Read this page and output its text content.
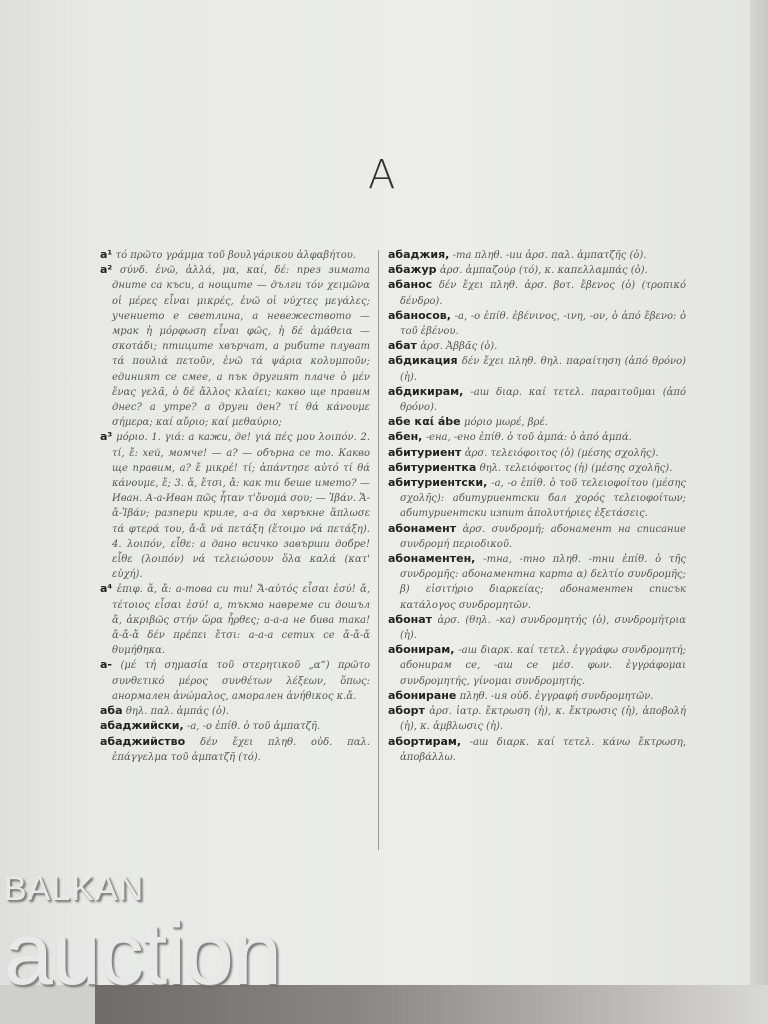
А
а¹ τό πρῶτο γράμμα τοῦ βουλγάρικου ἀλφαβήτου.
а² σύνδ. ἐνῶ, ἀλλά, μα, καί, δέ: през зимата дните са къси, а нощите — дълги τόν χειμῶνα οἱ μέρες εἶναι μικρές, ἐνῶ οἱ νύχτες μεγάλες; учението е светлина, а невежеството — мрак ἡ μόρφωση εἶναι φῶς, ἡ δέ ἀμάθεια — σκοτάδι; птиците хвърчат, а рибите плуват τά πουλιά πετοῦν, ἐνῶ τά ψάρια κολυμποῦν; единият се смее, а пък другият плаче ὁ μέν ἕνας γελᾶ, ὁ δέ ἄλλος κλαίει; какво ще правим днес? а утре? а други ден? τί θά κάνουμε σήμερα; καί αὔριο; καί μεθαύριο;
а³ μόριο. 1. γιά: а кажи, де! γιά πές μου λοιπόν. 2. τί, ἔ: хей, момче! — а? — обърна се то. Какво ще правим, а? ἔ μικρέ! τί; ἀπάντησε αὐτό τί θά κάνουμε, ἔ; 3. ἄ, ἔτσι, ἄ: как ти беше името? — Иван. А-а-Иван πῶς ἦταν τ'ὄνομά σου; — Ἰβάν. Ἄ-ἄ-Ἰβάν; разпери криле, а-а да хвръкне ἅπλωσε τά φτερά του, ἄ-ἄ νά πετάξη (ἕτοιμο νά πετάξη). 4. λοιπόν, εἶθε: а дано всичко завърши добре! εἶθε (λοιπόν) νά τελειώσουν ὅλα καλά (κατ' εὐχή).
а⁴ ἐπιφ. ἄ, ἄ: а-това си ти! Ἄ-αὐτός εἶσαι ἐσύ! ἄ, τέτοιος εἶσαι ἐσύ! а, тъкмо навреме си дошъл ἄ, ἀκριβῶς στήν ὥρα ἦρθες; а-а-а не бива така! ἄ-ἄ-ἄ δέν πρέπει ἔτσι: а-а-а сетих се ἄ-ἄ-ἄ θυμήθηκα.
а- (μέ τή σημασία τοῦ στερητικοῦ „α“) πρῶτο συνθετικό μέρος συνθέτων λέξεων, ὅπως: анормален ἀνώμαλος, аморален ἀνήθικος κ.ἄ.
аба θηλ. παλ. ἀμπάς (ὁ).
абаджийски, -а, -о ἐπίθ. ὁ τοῦ ἀμπατζῆ.
абаджийство δέν ἔχει πληθ. οὐδ. παλ. ἐπάγγελμα τοῦ ἀμπατζῆ (τό).
абаджия, -та πληθ. -ии ἀρσ. παλ. ἀμπατζῆς (ὁ).
абажур ἀρσ. ἀμπαζούρ (τό), κ. καπελλαμπάς (ὁ).
абанос δέν ἔχει πληθ. ἀρσ. βοτ. ἔβενος (ὁ) (τροπικό δένδρο).
абаносов, -а, -о ἐπίθ. ἐβένινος, -ινη, -ον, ὁ ἀπό ἔβενο: ὁ τοῦ ἐβένου.
абат ἀρσ. Ἀββᾶς (ὁ).
абдикация δέν ἔχει πληθ. θηλ. παραίτηση (ἀπό θρόνο) (ἡ).
абдикирам, -аш διαρ. καί τετελ. παραιτοῦμαι (ἀπό θρόνο).
абе καί ábe μόριο μωρέ, βρέ.
абен, -ена, -ено ἐπίθ. ὁ τοῦ ἀμπά: ὁ ἀπό ἀμπά.
абитуриент ἀρσ. τελειόφοιτος (ὁ) (μέσης σχολῆς).
абитуриентка θηλ. τελειόφοιτος (ἡ) (μέσης σχολῆς).
абитуриентски, -а, -о ἐπίθ. ὁ τοῦ τελειοφοίτου (μέσης σχολῆς): абитуриентски бал χορός τελειοφοίτων; абитуриентски изпит ἀπολυτήριες ἐξετάσεις.
абонамент ἀρσ. συνδρομή; абонамент на списание συνδρομή περιοδικοῦ.
абонаментен, -тна, -тно πληθ. -тни ἐπίθ. ὁ τῆς συνδρομῆς: абонаментна карта α) δελτίο συνδρομῆς; β) εἰσιτήριο διαρκείας; абонаментен списък κατάλογος συνδρομητῶν.
абонат ἀρσ. (θηλ. -ка) συνδρομητής (ὁ), συνδρομήτρια (ἡ).
абонирам, -аш διαρκ. καί τετελ. ἐγγράφω συνδρομητή; абонирам се, -аш се μέσ. φων. ἐγγράφομαι συνδρομητής, γίνομαι συνδρομητής.
абониране πληθ. -ия οὐδ. ἐγγραφή συνδρομητῶν.
аборт ἀρσ. ἰατρ. ἔκτρωση (ἡ), κ. ἔκτρωσις (ἡ), ἀποβολή (ἡ), κ. ἀμβλωσις (ἡ).
абортирам, -аш διαρκ. καί τετελ. κάνω ἔκτρωση, ἀποβάλλω.
BALKAN
auction
